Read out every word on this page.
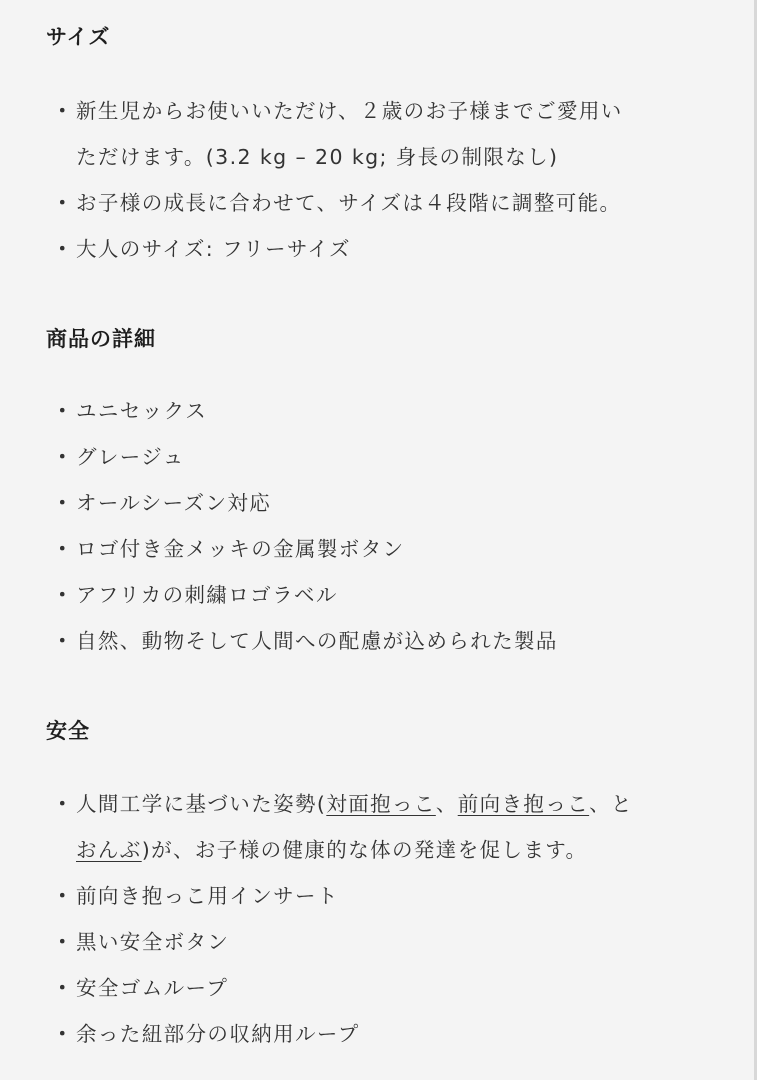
サイズ
・ 新生児からお使いいただけ、２歳のお子様までご愛用い
ただけます。(3.2 kg – 20 kg; 身長の制限なし)
・ お子様の成長に合わせて、サイズは４段階に調整可能。
・ 大人のサイズ: フリーサイズ
商品の詳細
・ ユニセックス
・ グレージュ
・ オールシーズン対応
・ ロゴ付き金メッキの金属製ボタン
・ アフリカの刺繍ロゴラベル
・ 自然、動物そして人間への配慮が込められた製品
安全
・ 人間工学に基づいた姿勢(対面抱っこ、前向き抱っこ、と
おんぶ)が、お子様の健康的な体の発達を促します。
・ 前向き抱っこ用インサート
・ 黒い安全ボタン
・ 安全ゴムループ
・ 余った紐部分の収納用ループ
